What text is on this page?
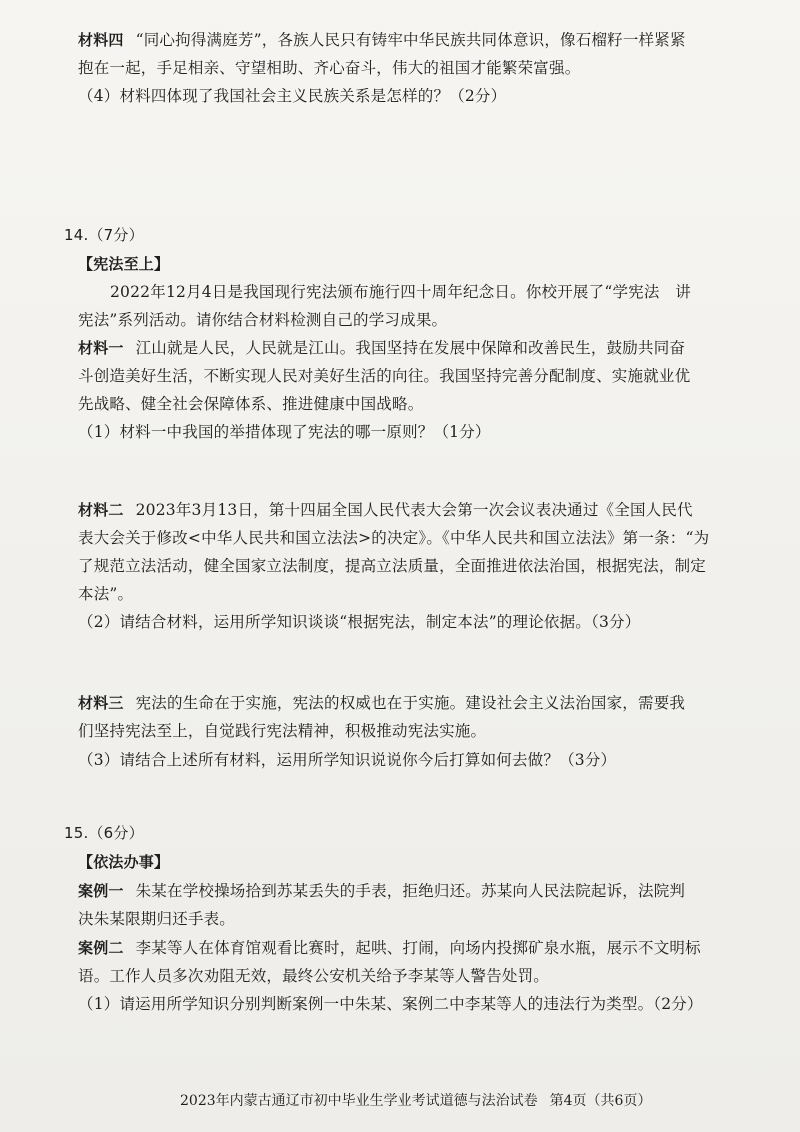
材料四 “同心拘得满庭芳”，各族人民只有铸牢中华民族共同体意识，像石榴籽一样紧紧
抱在一起，手足相亲、守望相助、齐心奋斗，伟大的祖国才能繁荣富强。
（4）材料四体现了我国社会主义民族关系是怎样的？（2分）
14.（7分）
【宪法至上】
2022年12月4日是我国现行宪法颁布施行四十周年纪念日。你校开展了“学宪法　讲
宪法”系列活动。请你结合材料检测自己的学习成果。
材料一 江山就是人民，人民就是江山。我国坚持在发展中保障和改善民生，鼓励共同奋
斗创造美好生活，不断实现人民对美好生活的向往。我国坚持完善分配制度、实施就业优
先战略、健全社会保障体系、推进健康中国战略。
（1）材料一中我国的举措体现了宪法的哪一原则？（1分）
材料二 2023年3月13日，第十四届全国人民代表大会第一次会议表决通过《全国人民代
表大会关于修改<中华人民共和国立法法>的决定》。《中华人民共和国立法法》第一条：“为
了规范立法活动，健全国家立法制度，提高立法质量，全面推进依法治国，根据宪法，制定
本法”。
（2）请结合材料，运用所学知识谈谈“根据宪法，制定本法”的理论依据。（3分）
材料三 宪法的生命在于实施，宪法的权威也在于实施。建设社会主义法治国家，需要我
们坚持宪法至上，自觉践行宪法精神，积极推动宪法实施。
（3）请结合上述所有材料，运用所学知识说说你今后打算如何去做？（3分）
15.（6分）
【依法办事】
案例一 朱某在学校操场拾到苏某丢失的手表，拒绝归还。苏某向人民法院起诉，法院判
决朱某限期归还手表。
案例二 李某等人在体育馆观看比赛时，起哄、打闹，向场内投掷矿泉水瓶，展示不文明标
语。工作人员多次劝阻无效，最终公安机关给予李某等人警告处罚。
（1）请运用所学知识分别判断案例一中朱某、案例二中李某等人的违法行为类型。（2分）
2023年内蒙古通辽市初中毕业生学业考试道德与法治试卷 第4页（共6页）
